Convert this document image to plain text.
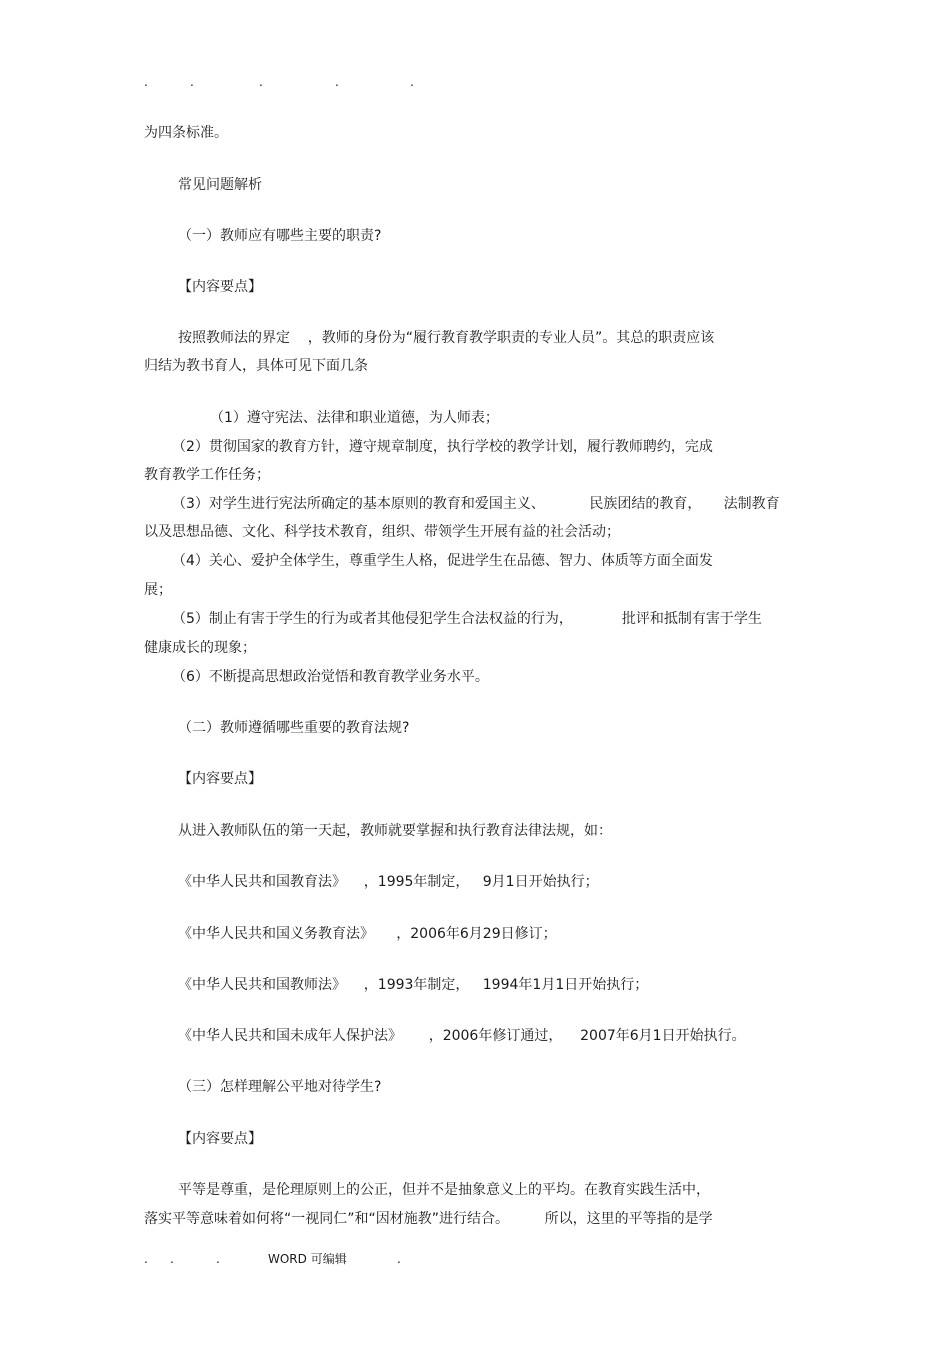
.	.	.	.	.
为四条标准。
常见问题解析
（一）教师应有哪些主要的职责?
【内容要点】
按照教师法的界定    ，教师的身份为“履行教育教学职责的专业人员”。其总的职责应该
归结为教书育人，具体可见下面几条
（1）遵守宪法、法律和职业道德，为人师表；
（2）贯彻国家的教育方针，遵守规章制度，执行学校的教学计划，履行教师聘约，完成
教育教学工作任务；
（3）对学生进行宪法所确定的基本原则的教育和爱国主义、          民族团结的教育，     法制教育
以及思想品德、文化、科学技术教育，组织、带领学生开展有益的社会活动；
（4）关心、爱护全体学生，尊重学生人格，促进学生在品德、智力、体质等方面全面发
展；
（5）制止有害于学生的行为或者其他侵犯学生合法权益的行为，           批评和抵制有害于学生
健康成长的现象；
（6）不断提高思想政治觉悟和教育教学业务水平。
（二）教师遵循哪些重要的教育法规?
【内容要点】
从进入教师队伍的第一天起，教师就要掌握和执行教育法律法规，如：
《中华人民共和国教育法》    ，1995年制定，   9月1日开始执行；
《中华人民共和国义务教育法》     ，2006年6月29日修订；
《中华人民共和国教师法》    ，1993年制定，   1994年1月1日开始执行；
《中华人民共和国未成年人保护法》      ，2006年修订通过，    2007年6月1日开始执行。
（三）怎样理解公平地对待学生?
【内容要点】
平等是尊重，是伦理原则上的公正，但并不是抽象意义上的平均。在教育实践生活中，
落实平等意味着如何将“一视同仁”和“因材施教”进行结合。        所以，这里的平等指的是学
. .	.	WORD 可编辑	.
